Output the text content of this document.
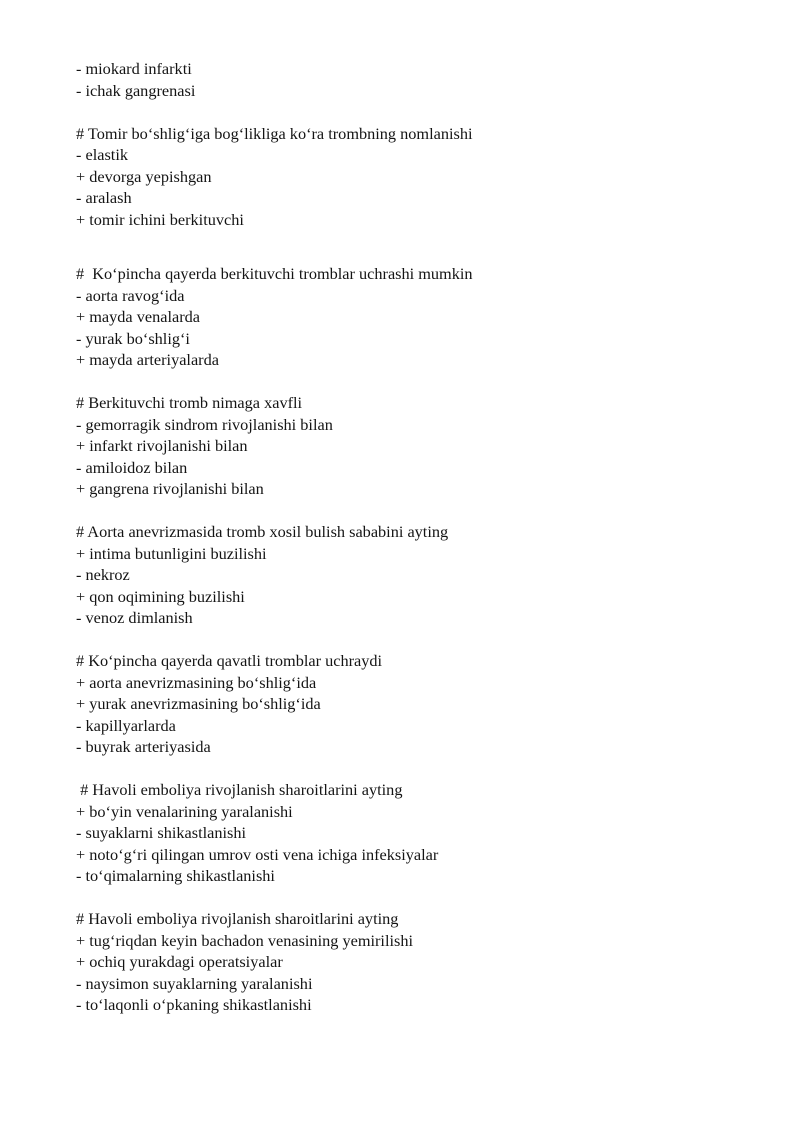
- miokard infarkti
- ichak gangrenasi
# Tomir bo‘shlig‘iga bog‘likliga ko‘ra trombning nomlanishi
- elastik
+ devorga yepishgan
- aralash
+ tomir ichini berkituvchi
#  Ko‘pincha qayerda berkituvchi tromblar uchrashi mumkin
- aorta ravog‘ida
+ mayda venalarda
- yurak bo‘shlig‘i
+ mayda arteriyalarda
# Berkituvchi tromb nimaga xavfli
- gemorragik sindrom rivojlanishi bilan
+ infarkt rivojlanishi bilan
- amiloidoz bilan
+ gangrena rivojlanishi bilan
# Aorta anevrizmasida tromb xosil bulish sababini ayting
+ intima butunligini buzilishi
- nekroz
+ qon oqimining buzilishi
- venoz dimlanish
# Ko‘pincha qayerda qavatli tromblar uchraydi
+ aorta anevrizmasining bo‘shlig‘ida
+ yurak anevrizmasining bo‘shlig‘ida
- kapillyarlarda
- buyrak arteriyasida
# Havoli emboliya rivojlanish sharoitlarini ayting
+ bo‘yin venalarining yaralanishi
- suyaklarni shikastlanishi
+ noto‘g‘ri qilingan umrov osti vena ichiga infeksiyalar
- to‘qimalarning shikastlanishi
# Havoli emboliya rivojlanish sharoitlarini ayting
+ tug‘riqdan keyin bachadon venasining yemirilishi
+ ochiq yurakdagi operatsiyalar
- naysimon suyaklarning yaralanishi
- to‘laqonli o‘pkaning shikastlanishi
